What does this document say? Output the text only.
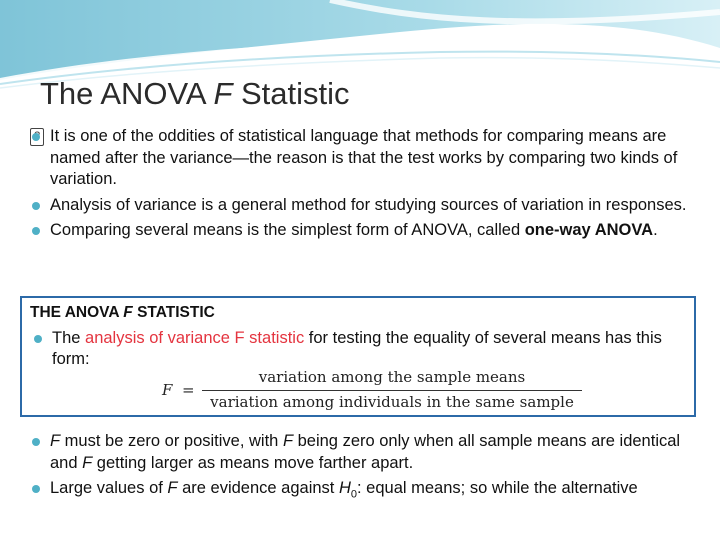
The ANOVA F Statistic
It is one of the oddities of statistical language that methods for comparing means are named after the variance—the reason is that the test works by comparing two kinds of variation.
Analysis of variance is a general method for studying sources of variation in responses.
Comparing several means is the simplest form of ANOVA, called one-way ANOVA.
THE ANOVA F STATISTIC
The analysis of variance F statistic for testing the equality of several means has this form:
F =
variation among the sample means
variation among individuals in the same sample
F must be zero or positive, with F being zero only when all sample means are identical and F getting larger as means move farther apart.
Large values of F are evidence against $H_0$: equal means; so while the alternative
